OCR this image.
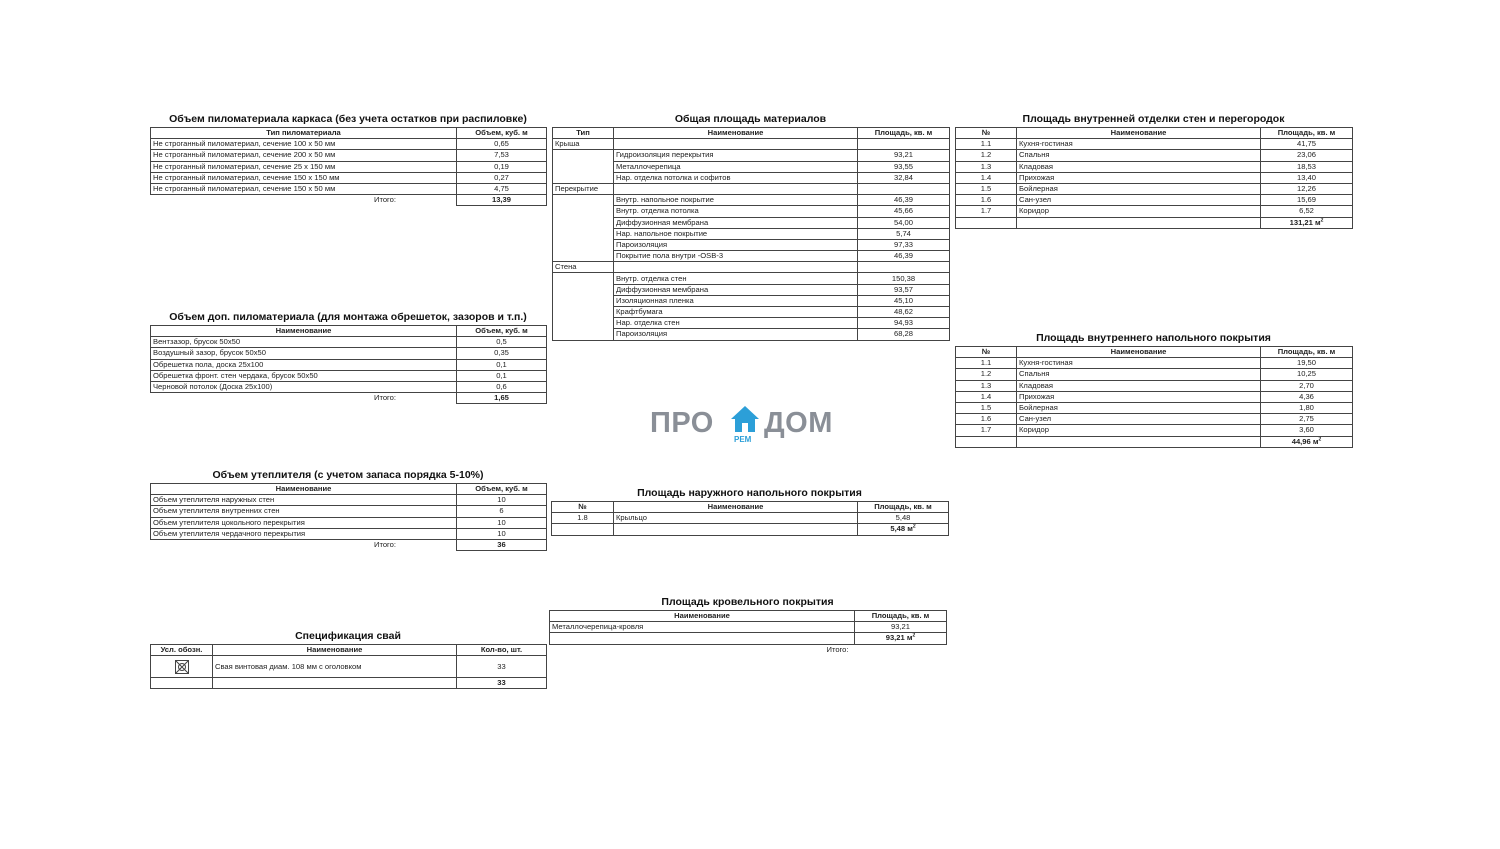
Объем пиломатериала каркаса (без учета остатков при распиловке)
Тип пиломатериала	Объем, куб. м
Не строганный пиломатериал, сечение 100 х 50 мм	0,65
Не строганный пиломатериал, сечение 200 х 50 мм	7,53
Не строганный пиломатериал, сечение 25 х 150 мм	0,19
Не строганный пиломатериал, сечение 150 х 150 мм	0,27
Не строганный пиломатериал, сечение 150 х 50 мм	4,75
Итого:	13,39
Объем доп. пиломатериала (для монтажа обрешеток, зазоров и т.п.)
Наименование	Объем, куб. м
Вентзазор, брусок 50х50	0,5
Воздушный зазор, брусок 50х50	0,35
Обрешетка пола, доска 25х100	0,1
Обрешетка фронт. стен чердака, брусок 50х50	0,1
Черновой потолок (Доска 25х100)	0,6
Итого:	1,65
Объем утеплителя (с учетом запаса порядка 5-10%)
Наименование	Объем, куб. м
Объем утеплителя наружных стен	10
Объем утеплителя внутренних стен	6
Объем утеплителя цокольного перекрытия	10
Объем утеплителя чердачного перекрытия	10
Итого:	36
Спецификация свай
Усл. обозн.	Наименование	Кол-во, шт.

	Свая винтовая диам. 108 мм с оголовком	33
		33
Общая площадь материалов
Тип	Наименование	Площадь, кв. м
Крыша		
	Гидроизоляция перекрытия	93,21
	Металлочерепица	93,55
	Нар. отделка потолка и софитов	32,84
Перекрытие		
	Внутр. напольное покрытие	46,39
	Внутр. отделка потолка	45,66
	Диффузионная мембрана	54,00
	Нар. напольное покрытие	5,74
	Пароизоляция	97,33
	Покрытие пола внутри -OSB-3	46,39
Стена		
	Внутр. отделка стен	150,38
	Диффузионная мембрана	93,57
	Изоляционная пленка	45,10
	Крафтбумага	48,62
	Нар. отделка стен	94,93
	Пароизоляция	68,28
ПРО
РЕМ
ДОМ
Площадь наружного напольного покрытия
№	Наименование	Площадь, кв. м
1.8	Крыльцо	5,48
		5,48 $м^2$
Площадь кровельного покрытия
Наименование	Площадь, кв. м
Металлочерепица-кровля	93,21
	93,21 $м^2$
Итого:	
Площадь внутренней отделки стен и перегородок
№	Наименование	Площадь, кв. м
1.1	Кухня-гостиная	41,75
1.2	Спальня	23,06
1.3	Кладовая	18,53
1.4	Прихожая	13,40
1.5	Бойлерная	12,26
1.6	Сан-узел	15,69
1.7	Коридор	6,52
		131,21 $м^2$
Площадь внутреннего напольного покрытия
№	Наименование	Площадь, кв. м
1.1	Кухня-гостиная	19,50
1.2	Спальня	10,25
1.3	Кладовая	2,70
1.4	Прихожая	4,36
1.5	Бойлерная	1,80
1.6	Сан-узел	2,75
1.7	Коридор	3,60
		44,96 $м^2$
